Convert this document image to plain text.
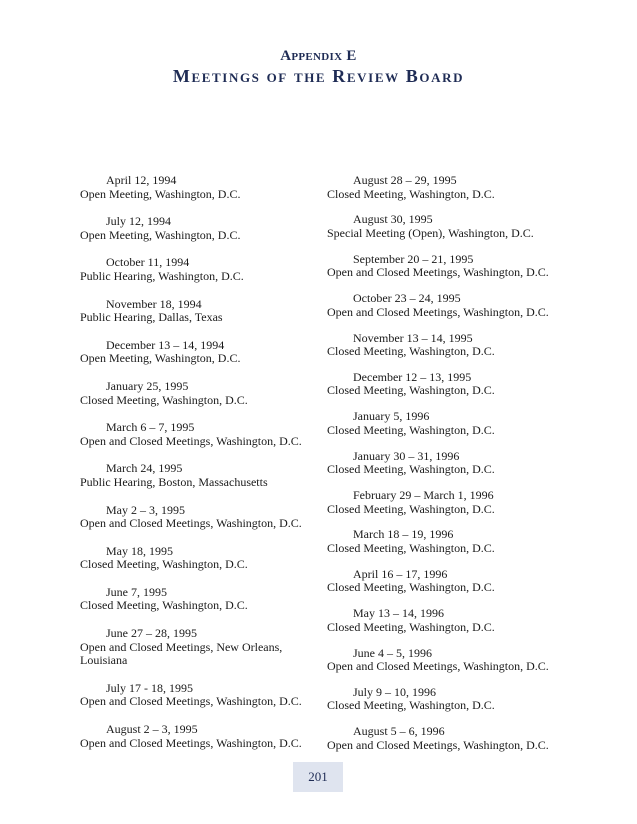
Appendix E
Meetings of the Review Board
April 12, 1994
Open Meeting, Washington, D.C.
July 12, 1994
Open Meeting, Washington, D.C.
October 11, 1994
Public Hearing, Washington, D.C.
November 18, 1994
Public Hearing, Dallas, Texas
December 13 – 14, 1994
Open Meeting, Washington, D.C.
January 25, 1995
Closed Meeting, Washington, D.C.
March 6 – 7, 1995
Open and Closed Meetings, Washington, D.C.
March 24, 1995
Public Hearing, Boston, Massachusetts
May 2 – 3, 1995
Open and Closed Meetings, Washington, D.C.
May 18, 1995
Closed Meeting, Washington, D.C.
June 7, 1995
Closed Meeting, Washington, D.C.
June 27 – 28, 1995
Open and Closed Meetings, New Orleans, Louisiana
July 17 - 18, 1995
Open and Closed Meetings, Washington, D.C.
August 2 – 3, 1995
Open and Closed Meetings, Washington, D.C.
August 28 – 29, 1995
Closed Meeting, Washington, D.C.
August 30, 1995
Special Meeting (Open), Washington, D.C.
September 20 – 21, 1995
Open and Closed Meetings, Washington, D.C.
October 23 – 24, 1995
Open and Closed Meetings, Washington, D.C.
November 13 – 14, 1995
Closed Meeting, Washington, D.C.
December 12 – 13, 1995
Closed Meeting, Washington, D.C.
January 5, 1996
Closed Meeting, Washington, D.C.
January 30 – 31, 1996
Closed Meeting, Washington, D.C.
February 29 – March 1, 1996
Closed Meeting, Washington, D.C.
March 18 – 19, 1996
Closed Meeting, Washington, D.C.
April 16 – 17, 1996
Closed Meeting, Washington, D.C.
May 13 – 14, 1996
Closed Meeting, Washington, D.C.
June 4 – 5, 1996
Open and Closed Meetings, Washington, D.C.
July 9 – 10, 1996
Closed Meeting, Washington, D.C.
August 5 – 6, 1996
Open and Closed Meetings, Washington, D.C.
201
